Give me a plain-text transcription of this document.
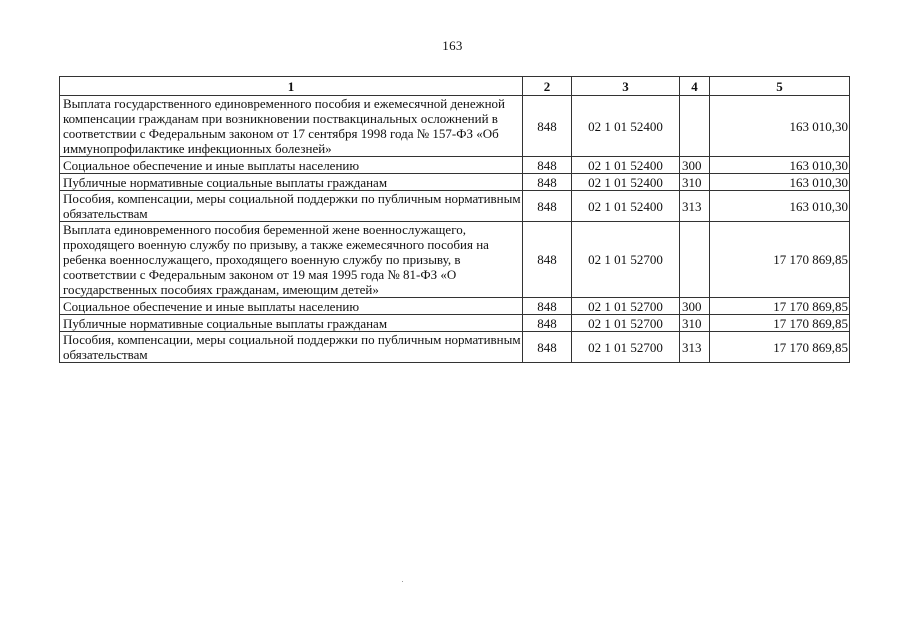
163
1	2	3	4	5
Выплата государственного единовременного пособия и ежемесячной денежной компенсации гражданам при возникновении поствакцинальных осложнений в соответствии с Федеральным законом от 17 сентября 1998 года № 157-ФЗ «Об иммунопрофилактике инфекционных болезней»	848	02 1 01 52400		163 010,30
Социальное обеспечение и иные выплаты населению	848	02 1 01 52400	300	163 010,30
Публичные нормативные социальные выплаты гражданам	848	02 1 01 52400	310	163 010,30
Пособия, компенсации, меры социальной поддержки по публичным нормативным обязательствам	848	02 1 01 52400	313	163 010,30
Выплата единовременного пособия беременной жене военнослужащего, проходящего военную службу по призыву, а также ежемесячного пособия на ребенка военнослужащего, проходящего военную службу по призыву, в соответствии с Федеральным законом от 19 мая 1995 года № 81-ФЗ «О государственных пособиях гражданам, имеющим детей»	848	02 1 01 52700		17 170 869,85
Социальное обеспечение и иные выплаты населению	848	02 1 01 52700	300	17 170 869,85
Публичные нормативные социальные выплаты гражданам	848	02 1 01 52700	310	17 170 869,85
Пособия, компенсации, меры социальной поддержки по публичным нормативным обязательствам	848	02 1 01 52700	313	17 170 869,85
